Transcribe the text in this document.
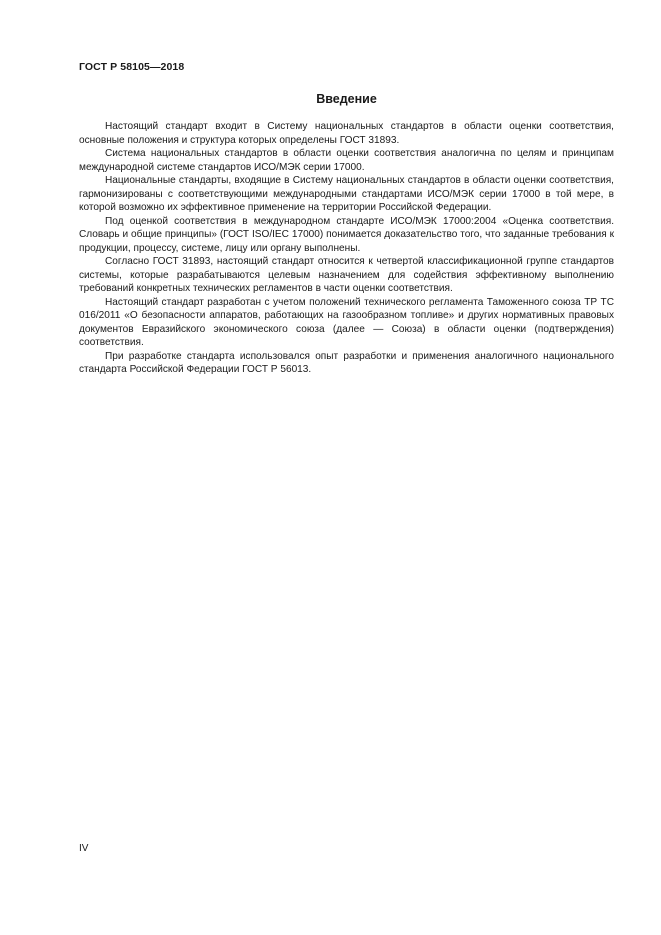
ГОСТ Р 58105—2018
Введение

Настоящий стандарт входит в Систему национальных стандартов в области оценки соответствия, основные положения и структура которых определены ГОСТ 31893.

Система национальных стандартов в области оценки соответствия аналогична по целям и принципам международной системе стандартов ИСО/МЭК серии 17000.

Национальные стандарты, входящие в Систему национальных стандартов в области оценки соответствия, гармонизированы с соответствующими международными стандартами ИСО/МЭК серии 17000 в той мере, в которой возможно их эффективное применение на территории Российской Федерации.

Под оценкой соответствия в международном стандарте ИСО/МЭК 17000:2004 «Оценка соответствия. Словарь и общие принципы» (ГОСТ ISO/IEC 17000) понимается доказательство того, что заданные требования к продукции, процессу, системе, лицу или органу выполнены.

Согласно ГОСТ 31893, настоящий стандарт относится к четвертой классификационной группе стандартов системы, которые разрабатываются целевым назначением для содействия эффективному выполнению требований конкретных технических регламентов в части оценки соответствия.

Настоящий стандарт разработан с учетом положений технического регламента Таможенного союза ТР ТС 016/2011 «О безопасности аппаратов, работающих на газообразном топливе» и других нормативных правовых документов Евразийского экономического союза (далее — Союза) в области оценки (подтверждения) соответствия.

При разработке стандарта использовался опыт разработки и применения аналогичного национального стандарта Российской Федерации ГОСТ Р 56013.

IV
